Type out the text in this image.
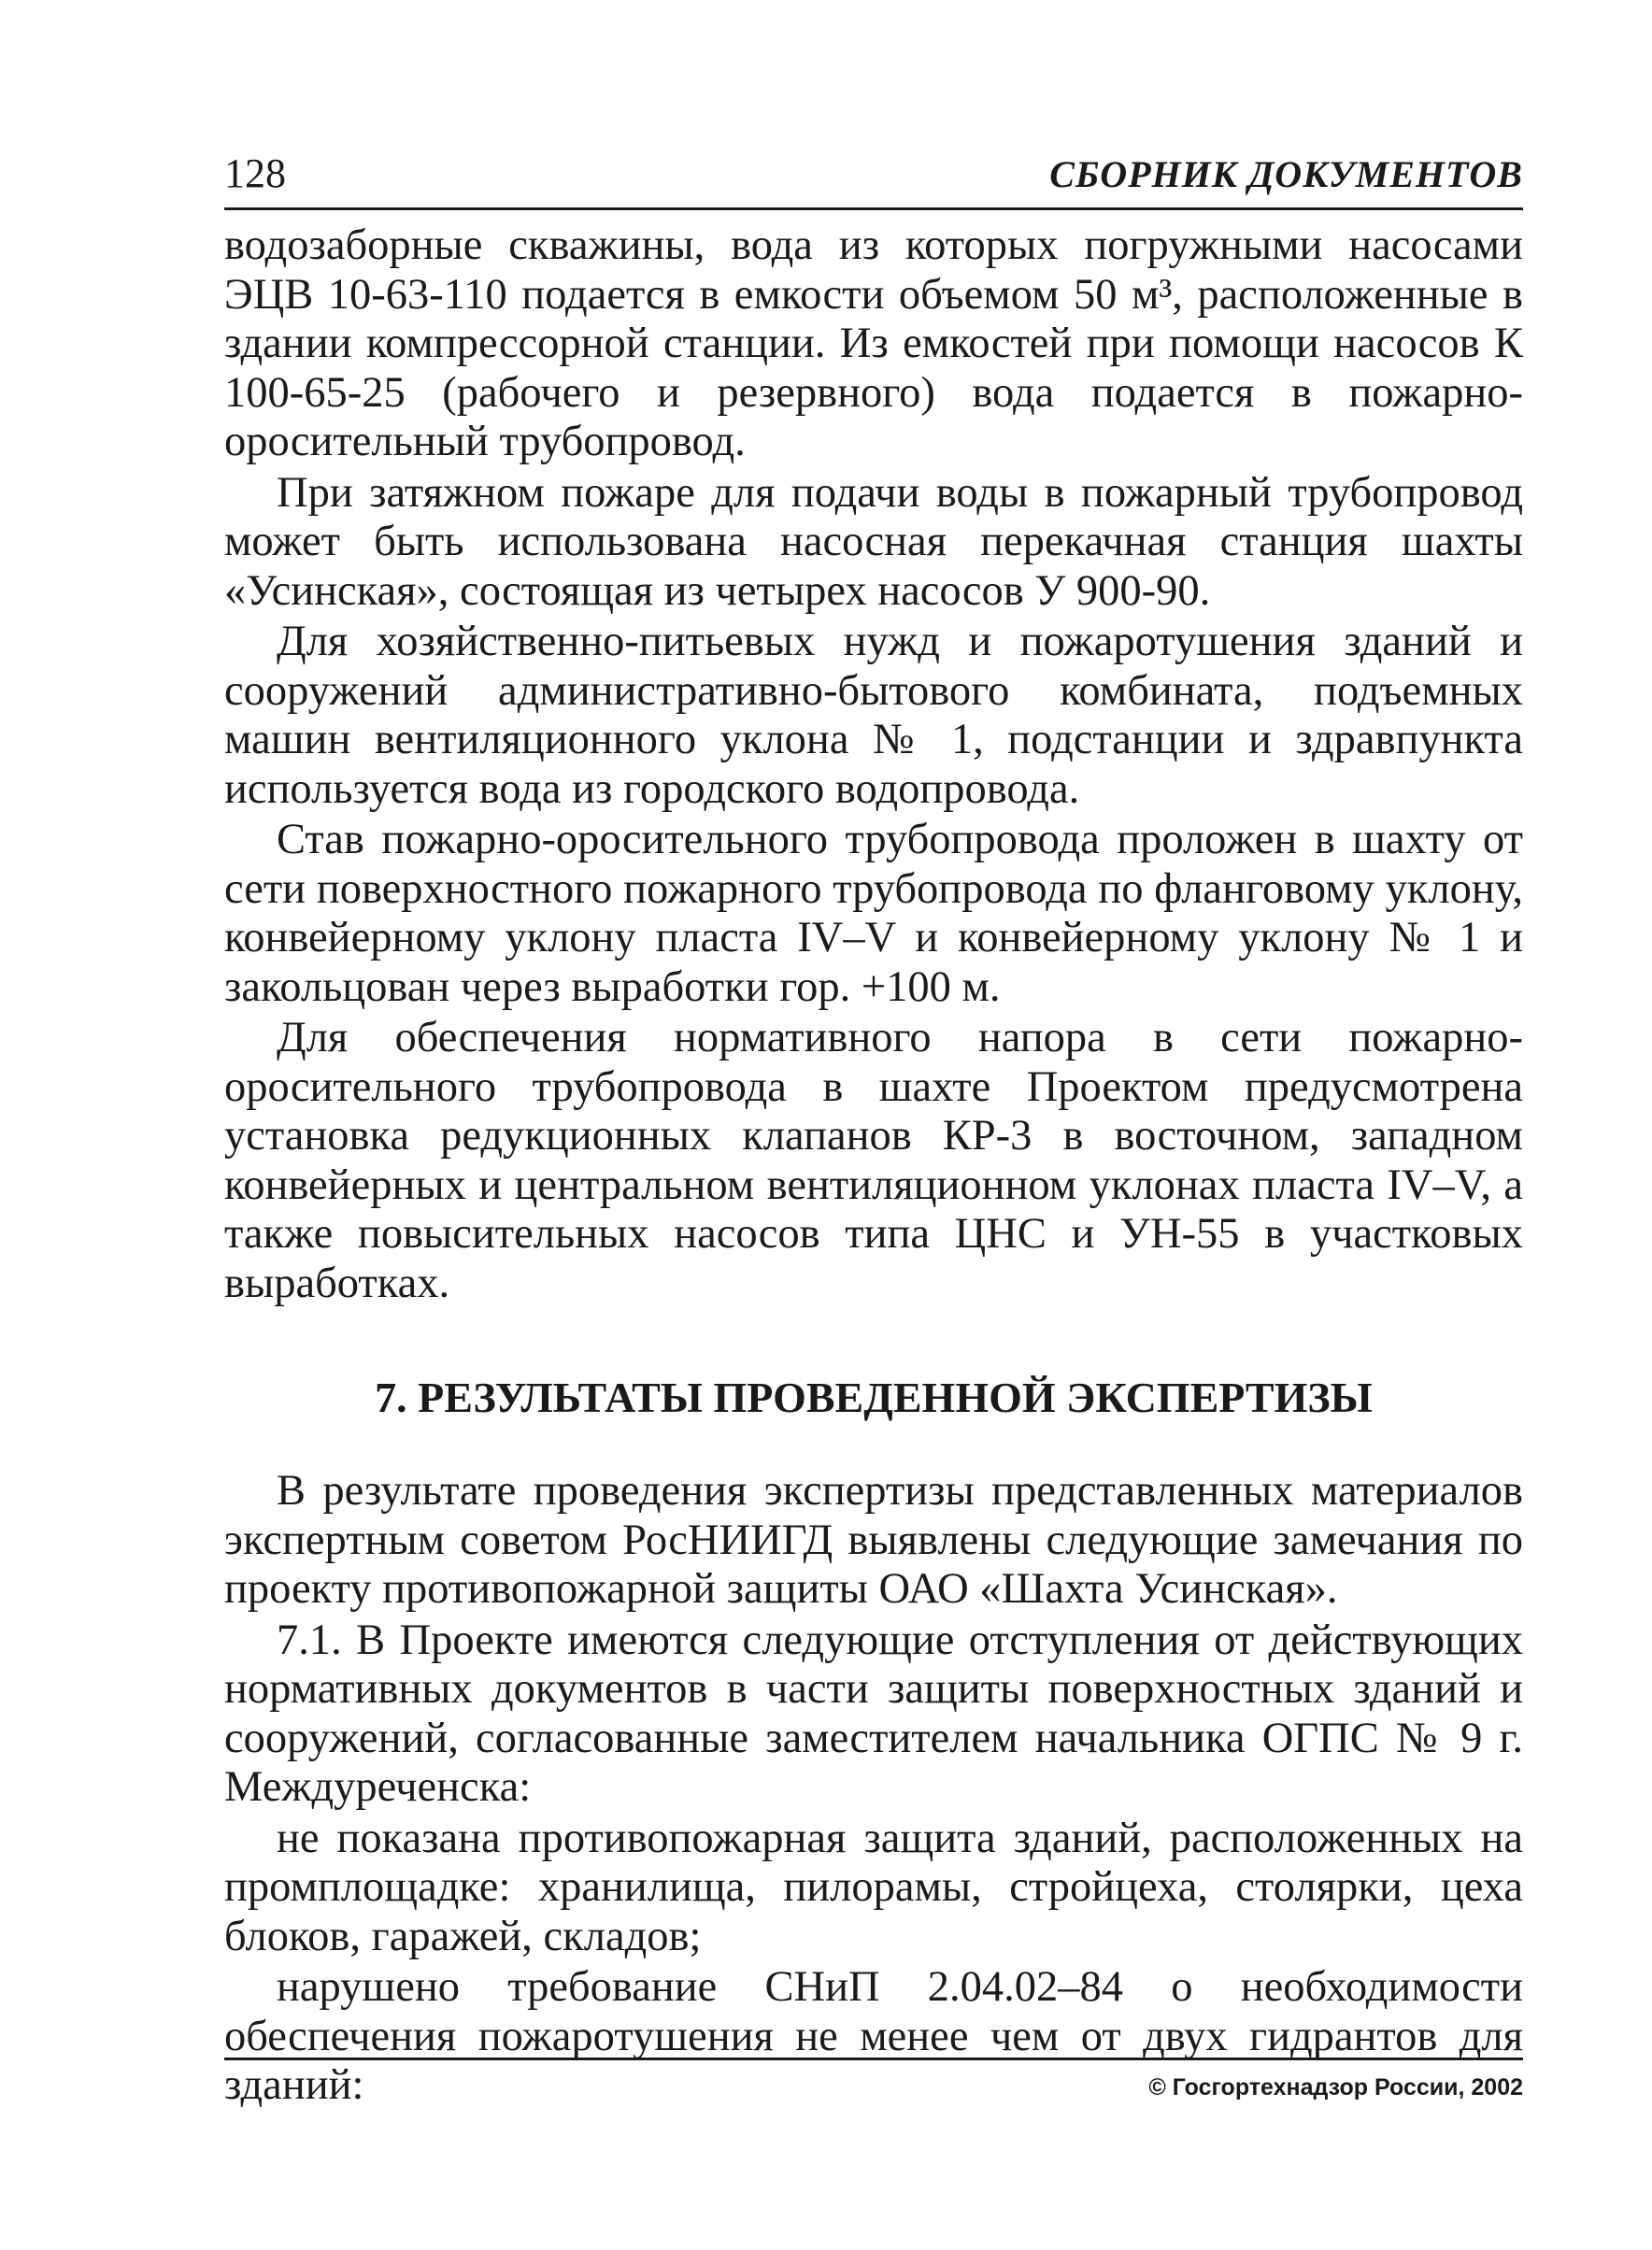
128	СБОРНИК ДОКУМЕНТОВ

водозаборные скважины, вода из которых погружными насосами ЭЦВ 10-63-110 подается в емкости объемом 50 м³, расположенные в здании компрессорной станции. Из емкостей при помощи насосов К 100-65-25 (рабочего и резервного) вода подается в пожарно-оросительный трубопровод.

При затяжном пожаре для подачи воды в пожарный трубопровод может быть использована насосная перекачная станция шахты «Усинская», состоящая из четырех насосов У 900-90.

Для хозяйственно-питьевых нужд и пожаротушения зданий и сооружений административно-бытового комбината, подъемных машин вентиляционного уклона № 1, подстанции и здравпункта используется вода из городского водопровода.

Став пожарно-оросительного трубопровода проложен в шахту от сети поверхностного пожарного трубопровода по фланговому уклону, конвейерному уклону пласта IV–V и конвейерному уклону № 1 и закольцован через выработки гор. +100 м.

Для обеспечения нормативного напора в сети пожарно-оросительного трубопровода в шахте Проектом предусмотрена установка редукционных клапанов КР-3 в восточном, западном конвейерных и центральном вентиляционном уклонах пласта IV–V, а также повысительных насосов типа ЦНС и УН-55 в участковых выработках.

7. РЕЗУЛЬТАТЫ ПРОВЕДЕННОЙ ЭКСПЕРТИЗЫ

В результате проведения экспертизы представленных материалов экспертным советом РосНИИГД выявлены следующие замечания по проекту противопожарной защиты ОАО «Шахта Усинская».

7.1. В Проекте имеются следующие отступления от действующих нормативных документов в части защиты поверхностных зданий и сооружений, согласованные заместителем начальника ОГПС № 9 г. Междуреченска:

не показана противопожарная защита зданий, расположенных на промплощадке: хранилища, пилорамы, стройцеха, столярки, цеха блоков, гаражей, складов;

нарушено требование СНиП 2.04.02–84 о необходимости обеспечения пожаротушения не менее чем от двух гидрантов для зданий:	© Госгортехнадзор России, 2002
